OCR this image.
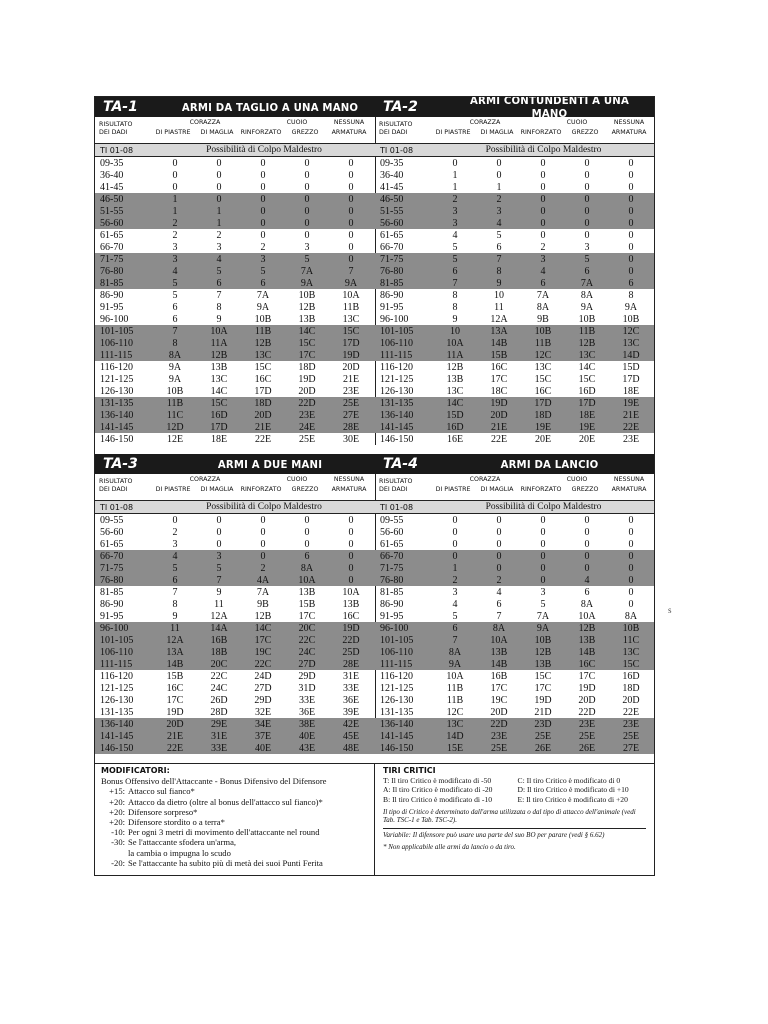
TA-1	ARMI DA TAGLIO A UNA MANO
RISULTATO
DEI DADI
CORAZZA	CUOIO
DI PIASTRE	DI MAGLIA	RINFORZATO	GREZZO
NESSUNA
ARMATURA
TI 01-08	Possibilità di Colpo Maldestro
09-35	0	0	0	0	0
36-40	0	0	0	0	0
41-45	0	0	0	0	0
46-50	1	0	0	0	0
51-55	1	1	0	0	0
56-60	2	1	0	0	0
61-65	2	2	0	0	0
66-70	3	3	2	3	0
71-75	3	4	3	5	0
76-80	4	5	5	7A	7
81-85	5	6	6	9A	9A
86-90	5	7	7A	10B	10A
91-95	6	8	9A	12B	11B
96-100	6	9	10B	13B	13C
101-105	7	10A	11B	14C	15C
106-110	8	11A	12B	15C	17D
111-115	8A	12B	13C	17C	19D
116-120	9A	13B	15C	18D	20D
121-125	9A	13C	16C	19D	21E
126-130	10B	14C	17D	20D	23E
131-135	11B	15C	18D	22D	25E
136-140	11C	16D	20D	23E	27E
141-145	12D	17D	21E	24E	28E
146-150	12E	18E	22E	25E	30E
TA-2	ARMI CONTUNDENTI A UNA MANO
RISULTATO
DEI DADI
CORAZZA	CUOIO
DI PIASTRE	DI MAGLIA	RINFORZATO	GREZZO
NESSUNA
ARMATURA
TI 01-08	Possibilità di Colpo Maldestro
09-35	0	0	0	0	0
36-40	1	0	0	0	0
41-45	1	1	0	0	0
46-50	2	2	0	0	0
51-55	3	3	0	0	0
56-60	3	4	0	0	0
61-65	4	5	0	0	0
66-70	5	6	2	3	0
71-75	5	7	3	5	0
76-80	6	8	4	6	0
81-85	7	9	6	7A	6
86-90	8	10	7A	8A	8
91-95	8	11	8A	9A	9A
96-100	9	12A	9B	10B	10B
101-105	10	13A	10B	11B	12C
106-110	10A	14B	11B	12B	13C
111-115	11A	15B	12C	13C	14D
116-120	12B	16C	13C	14C	15D
121-125	13B	17C	15C	15C	17D
126-130	13C	18C	16C	16D	18E
131-135	14C	19D	17D	17D	19E
136-140	15D	20D	18D	18E	21E
141-145	16D	21E	19E	19E	22E
146-150	16E	22E	20E	20E	23E
TA-3	ARMI A DUE MANI
RISULTATO
DEI DADI
CORAZZA	CUOIO
DI PIASTRE	DI MAGLIA	RINFORZATO	GREZZO
NESSUNA
ARMATURA
TI 01-08	Possibilità di Colpo Maldestro
09-55	0	0	0	0	0
56-60	2	0	0	0	0
61-65	3	0	0	0	0
66-70	4	3	0	6	0
71-75	5	5	2	8A	0
76-80	6	7	4A	10A	0
81-85	7	9	7A	13B	10A
86-90	8	11	9B	15B	13B
91-95	9	12A	12B	17C	16C
96-100	11	14A	14C	20C	19D
101-105	12A	16B	17C	22C	22D
106-110	13A	18B	19C	24C	25D
111-115	14B	20C	22C	27D	28E
116-120	15B	22C	24D	29D	31E
121-125	16C	24C	27D	31D	33E
126-130	17C	26D	29D	33E	36E
131-135	19D	28D	32E	36E	39E
136-140	20D	29E	34E	38E	42E
141-145	21E	31E	37E	40E	45E
146-150	22E	33E	40E	43E	48E
TA-4	ARMI DA LANCIO
RISULTATO
DEI DADI
CORAZZA	CUOIO
DI PIASTRE	DI MAGLIA	RINFORZATO	GREZZO
NESSUNA
ARMATURA
TI 01-08	Possibilità di Colpo Maldestro
09-55	0	0	0	0	0
56-60	0	0	0	0	0
61-65	0	0	0	0	0
66-70	0	0	0	0	0
71-75	1	0	0	0	0
76-80	2	2	0	4	0
81-85	3	4	3	6	0
86-90	4	6	5	8A	0
91-95	5	7	7A	10A	8A
96-100	6	8A	9A	12B	10B
101-105	7	10A	10B	13B	11C
106-110	8A	13B	12B	14B	13C
111-115	9A	14B	13B	16C	15C
116-120	10A	16B	15C	17C	16D
121-125	11B	17C	17C	19D	18D
126-130	11B	19C	19D	20D	20D
131-135	12C	20D	21D	22D	22E
136-140	13C	22D	23D	23E	23E
141-145	14D	23E	25E	25E	25E
146-150	15E	25E	26E	26E	27E
MODIFICATORI:
Bonus Offensivo dell'Attaccante - Bonus Difensivo del Difensore
+15: Attacco sul fianco*
+20: Attacco da dietro (oltre al bonus dell'attacco sul fianco)*
+20: Difensore sorpreso*
+20: Difensore stordito o a terra*
-10: Per ogni 3 metri di movimento dell'attaccante nel round
-30: Se l'attaccante sfodera un'arma,
la cambia o impugna lo scudo
-20: Se l'attaccante ha subito più di metà dei suoi Punti Ferita
TIRI CRITICI
T: Il tiro Critico è modificato di -50	C: Il tiro Critico è modificato di 0
A: Il tiro Critico è modificato di -20	D: Il tiro Critico è modificato di +10
B: Il tiro Critico è modificato di -10	E: Il tiro Critico è modificato di +20
Il tipo di Critico è determinato dall'arma utilizzata o dal tipo di attacco dell'animale (vedi Tab. TSC-1 e Tab. TSC-2).
Variabile: Il difensore può usare una parte del suo BO per parare (vedi § 6.62)
* Non applicabile alle armi da lancio o da tiro.
s
